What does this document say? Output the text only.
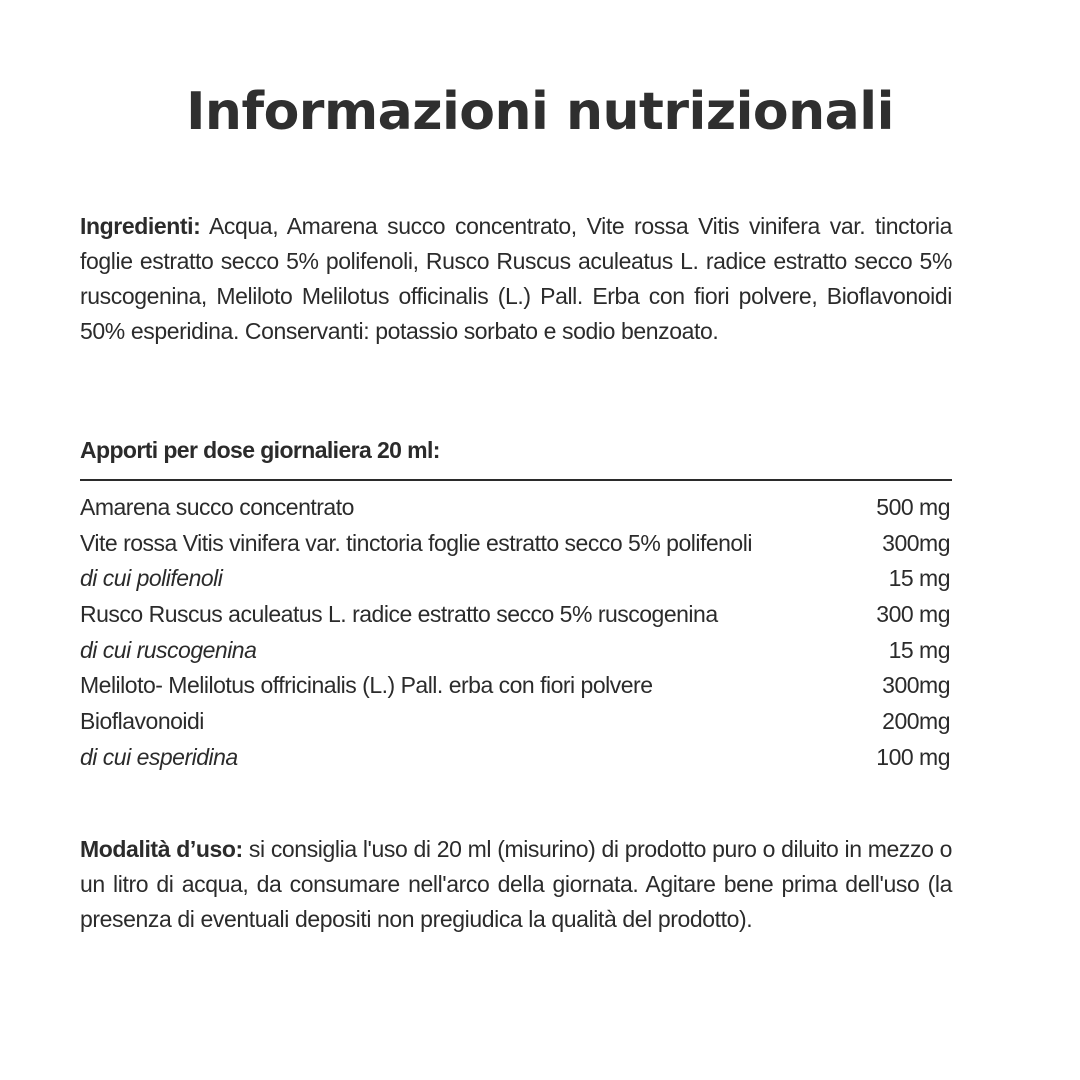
Informazioni nutrizionali
Ingredienti: Acqua, Amarena succo concentrato, Vite rossa Vitis vinifera var. tinctoria foglie estratto secco 5% polifenoli, Rusco Ruscus aculeatus L. radice estratto secco 5% ruscogenina, Meliloto Melilotus officinalis (L.) Pall. Erba con fiori polvere, Bioflavonoidi 50% esperidina. Conservanti: potassio sorbato e sodio benzoato.
Apporti per dose giornaliera 20 ml:
Amarena succo concentrato	500 mg
Vite rossa Vitis vinifera var. tinctoria foglie estratto secco 5% polifenoli	300mg
di cui polifenoli	15 mg
Rusco Ruscus aculeatus L. radice estratto secco 5% ruscogenina	300 mg
di cui ruscogenina	15 mg
Meliloto- Melilotus offricinalis (L.) Pall. erba con fiori polvere	300mg
Bioflavonoidi	200mg
di cui esperidina	100 mg
Modalità d’uso: si consiglia l'uso di 20 ml (misurino) di prodotto puro o diluito in mezzo o un litro di acqua, da consumare nell'arco della giornata. Agitare bene prima dell'uso (la presenza di eventuali depositi non pregiudica la qualità del prodotto).
